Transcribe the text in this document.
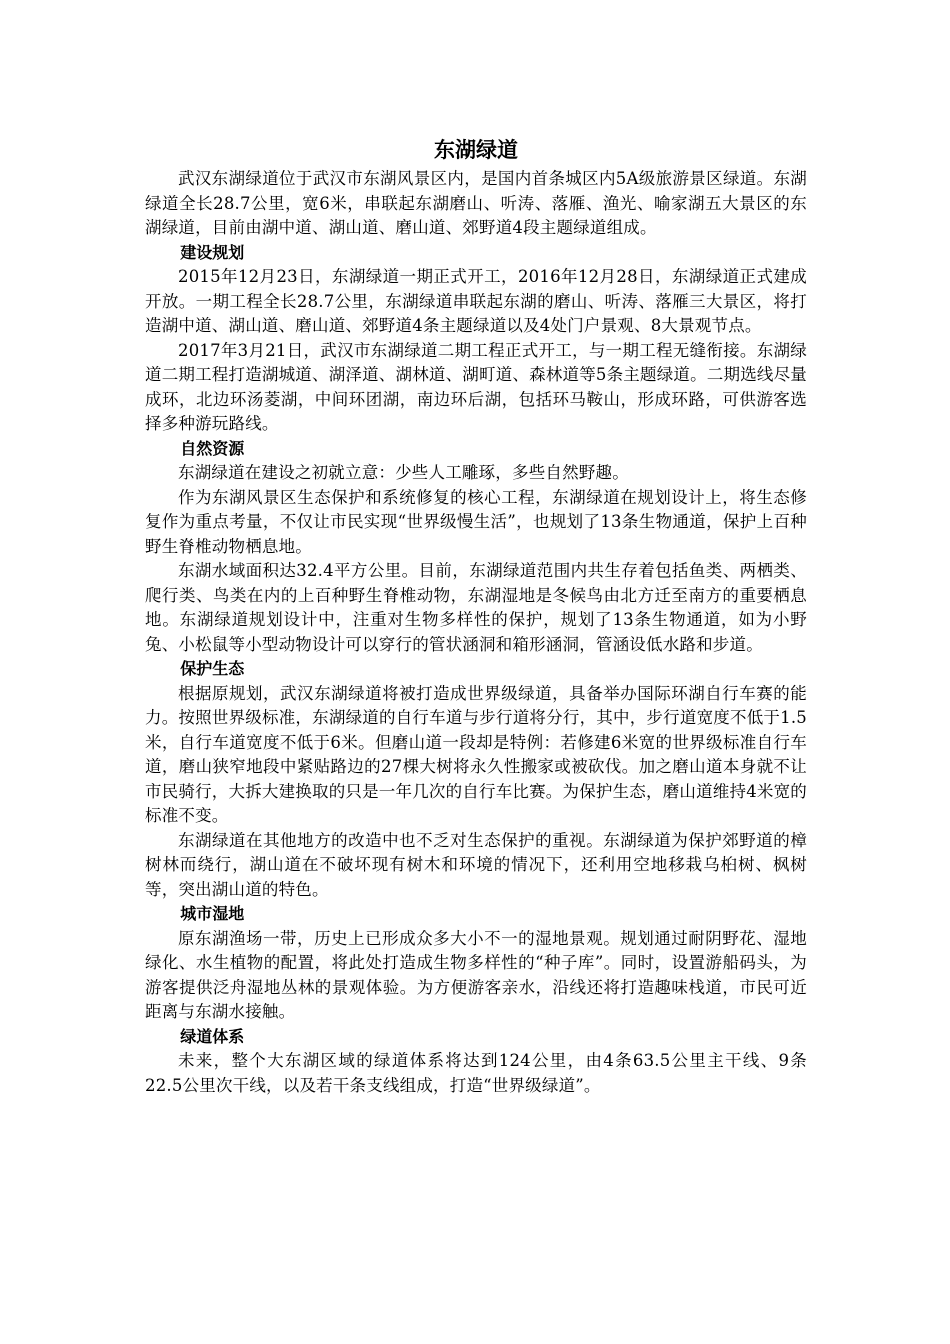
东湖绿道

武汉东湖绿道位于武汉市东湖风景区内，是国内首条城区内5A级旅游景区绿道。东湖绿道全长28.7公里，宽6米，串联起东湖磨山、听涛、落雁、渔光、喻家湖五大景区的东湖绿道，目前由湖中道、湖山道、磨山道、郊野道4段主题绿道组成。

建设规划

2015年12月23日，东湖绿道一期正式开工，2016年12月28日，东湖绿道正式建成开放。一期工程全长28.7公里，东湖绿道串联起东湖的磨山、听涛、落雁三大景区，将打造湖中道、湖山道、磨山道、郊野道4条主题绿道以及4处门户景观、8大景观节点。

2017年3月21日，武汉市东湖绿道二期工程正式开工，与一期工程无缝衔接。东湖绿道二期工程打造湖城道、湖泽道、湖林道、湖町道、森林道等5条主题绿道。二期选线尽量成环，北边环汤菱湖，中间环团湖，南边环后湖，包括环马鞍山，形成环路，可供游客选择多种游玩路线。

自然资源

东湖绿道在建设之初就立意：少些人工雕琢，多些自然野趣。

作为东湖风景区生态保护和系统修复的核心工程，东湖绿道在规划设计上，将生态修复作为重点考量，不仅让市民实现“世界级慢生活”，也规划了13条生物通道，保护上百种野生脊椎动物栖息地。

东湖水域面积达32.4平方公里。目前，东湖绿道范围内共生存着包括鱼类、两栖类、爬行类、鸟类在内的上百种野生脊椎动物，东湖湿地是冬候鸟由北方迁至南方的重要栖息地。东湖绿道规划设计中，注重对生物多样性的保护，规划了13条生物通道，如为小野兔、小松鼠等小型动物设计可以穿行的管状涵洞和箱形涵洞，管涵设低水路和步道。

保护生态

根据原规划，武汉东湖绿道将被打造成世界级绿道，具备举办国际环湖自行车赛的能力。按照世界级标准，东湖绿道的自行车道与步行道将分行，其中，步行道宽度不低于1.5米，自行车道宽度不低于6米。但磨山道一段却是特例：若修建6米宽的世界级标准自行车道，磨山狭窄地段中紧贴路边的27棵大树将永久性搬家或被砍伐。加之磨山道本身就不让市民骑行，大拆大建换取的只是一年几次的自行车比赛。为保护生态，磨山道维持4米宽的标准不变。

东湖绿道在其他地方的改造中也不乏对生态保护的重视。东湖绿道为保护郊野道的樟树林而绕行，湖山道在不破坏现有树木和环境的情况下，还利用空地移栽乌桕树、枫树等，突出湖山道的特色。

城市湿地

原东湖渔场一带，历史上已形成众多大小不一的湿地景观。规划通过耐阴野花、湿地绿化、水生植物的配置，将此处打造成生物多样性的“种子库”。同时，设置游船码头，为游客提供泛舟湿地丛林的景观体验。为方便游客亲水，沿线还将打造趣味栈道，市民可近距离与东湖水接触。

绿道体系

未来，整个大东湖区域的绿道体系将达到124公里，由4条63.5公里主干线、9条22.5公里次干线，以及若干条支线组成，打造“世界级绿道”。
